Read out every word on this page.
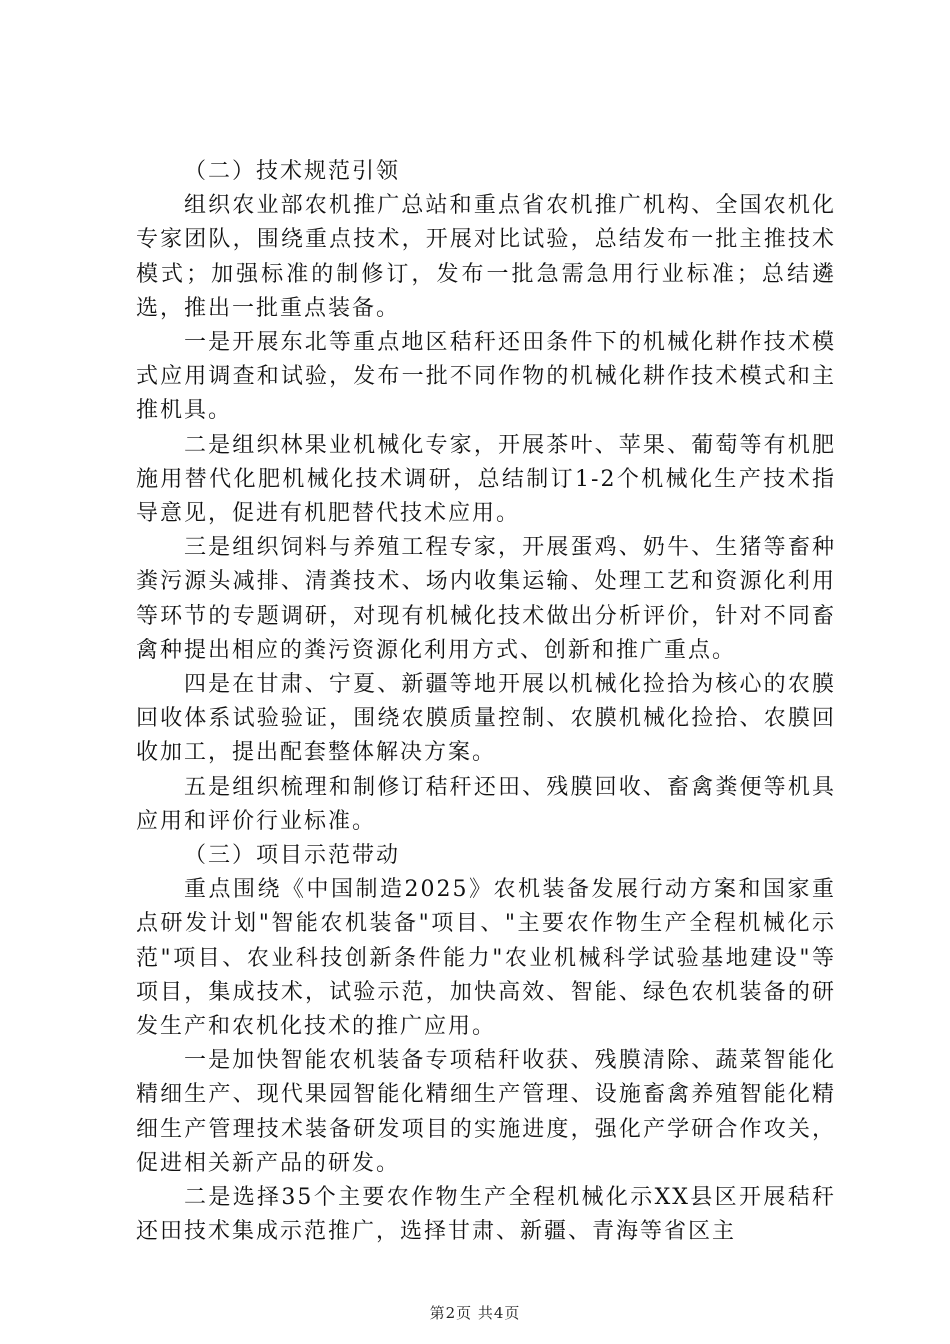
（二）技术规范引领

组织农业部农机推广总站和重点省农机推广机构、全国农机化专家团队，围绕重点技术，开展对比试验，总结发布一批主推技术模式；加强标准的制修订，发布一批急需急用行业标准；总结遴选，推出一批重点装备。

一是开展东北等重点地区秸秆还田条件下的机械化耕作技术模式应用调查和试验，发布一批不同作物的机械化耕作技术模式和主推机具。

二是组织林果业机械化专家，开展茶叶、苹果、葡萄等有机肥施用替代化肥机械化技术调研，总结制订1-2个机械化生产技术指导意见，促进有机肥替代技术应用。

三是组织饲料与养殖工程专家，开展蛋鸡、奶牛、生猪等畜种粪污源头减排、清粪技术、场内收集运输、处理工艺和资源化利用等环节的专题调研，对现有机械化技术做出分析评价，针对不同畜禽种提出相应的粪污资源化利用方式、创新和推广重点。

四是在甘肃、宁夏、新疆等地开展以机械化捡拾为核心的农膜回收体系试验验证，围绕农膜质量控制、农膜机械化捡拾、农膜回收加工，提出配套整体解决方案。

五是组织梳理和制修订秸秆还田、残膜回收、畜禽粪便等机具应用和评价行业标准。

（三）项目示范带动

重点围绕《中国制造2025》农机装备发展行动方案和国家重点研发计划"智能农机装备"项目、"主要农作物生产全程机械化示范"项目、农业科技创新条件能力"农业机械科学试验基地建设"等项目，集成技术，试验示范，加快高效、智能、绿色农机装备的研发生产和农机化技术的推广应用。

一是加快智能农机装备专项秸秆收获、残膜清除、蔬菜智能化精细生产、现代果园智能化精细生产管理、设施畜禽养殖智能化精细生产管理技术装备研发项目的实施进度，强化产学研合作攻关，促进相关新产品的研发。

二是选择35个主要农作物生产全程机械化示XX县区开展秸秆还田技术集成示范推广，选择甘肃、新疆、青海等省区主

第2页 共4页
